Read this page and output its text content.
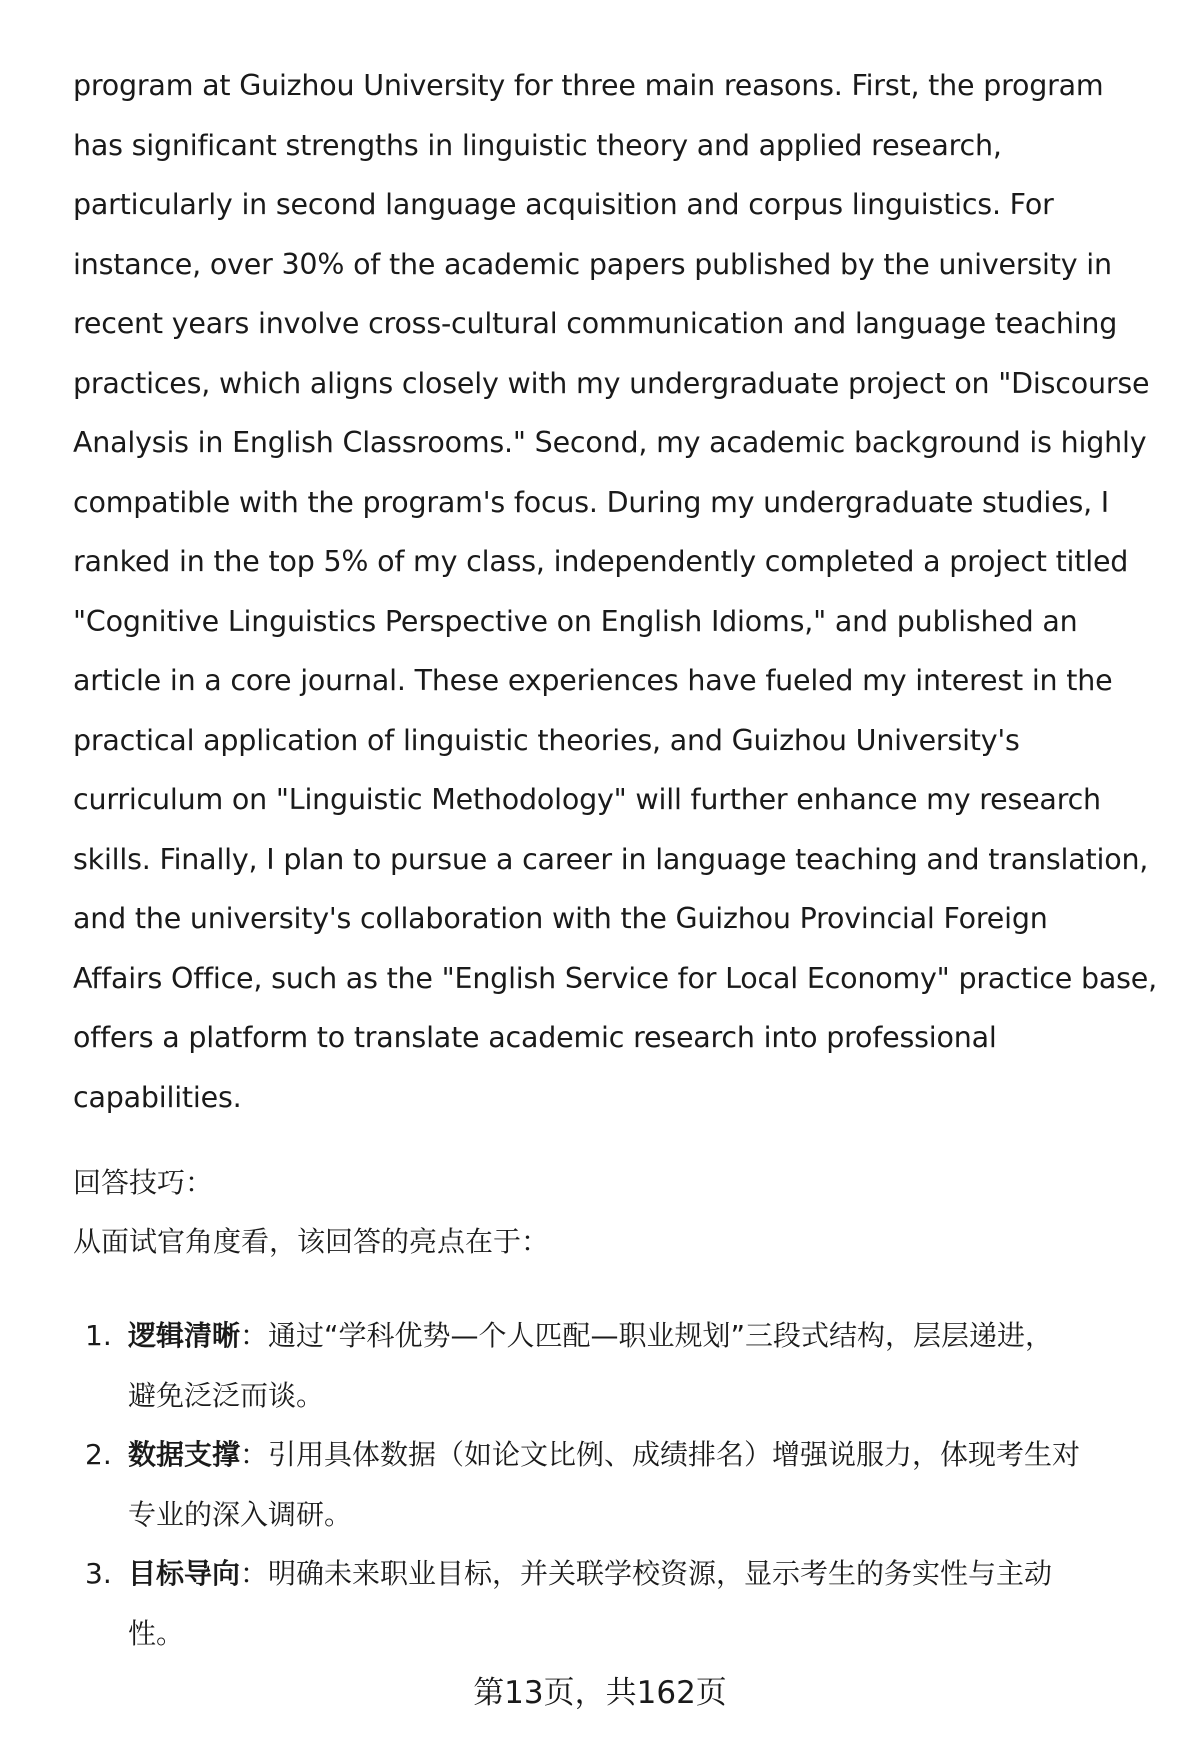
program at Guizhou University for three main reasons. First, the program
has significant strengths in linguistic theory and applied research,
particularly in second language acquisition and corpus linguistics. For
instance, over 30% of the academic papers published by the university in
recent years involve cross-cultural communication and language teaching
practices, which aligns closely with my undergraduate project on "Discourse
Analysis in English Classrooms." Second, my academic background is highly
compatible with the program's focus. During my undergraduate studies, I
ranked in the top 5% of my class, independently completed a project titled
"Cognitive Linguistics Perspective on English Idioms," and published an
article in a core journal. These experiences have fueled my interest in the
practical application of linguistic theories, and Guizhou University's
curriculum on "Linguistic Methodology" will further enhance my research
skills. Finally, I plan to pursue a career in language teaching and translation,
and the university's collaboration with the Guizhou Provincial Foreign
Affairs Office, such as the "English Service for Local Economy" practice base,
offers a platform to translate academic research into professional
capabilities.
回答技巧：
从面试官角度看，该回答的亮点在于：
1. 逻辑清晰：通过“学科优势—个人匹配—职业规划”三段式结构，层层递进，
避免泛泛而谈。
2. 数据支撑：引用具体数据（如论文比例、成绩排名）增强说服力，体现考生对
专业的深入调研。
3. 目标导向：明确未来职业目标，并关联学校资源，显示考生的务实性与主动
性。
第13页，共162页
